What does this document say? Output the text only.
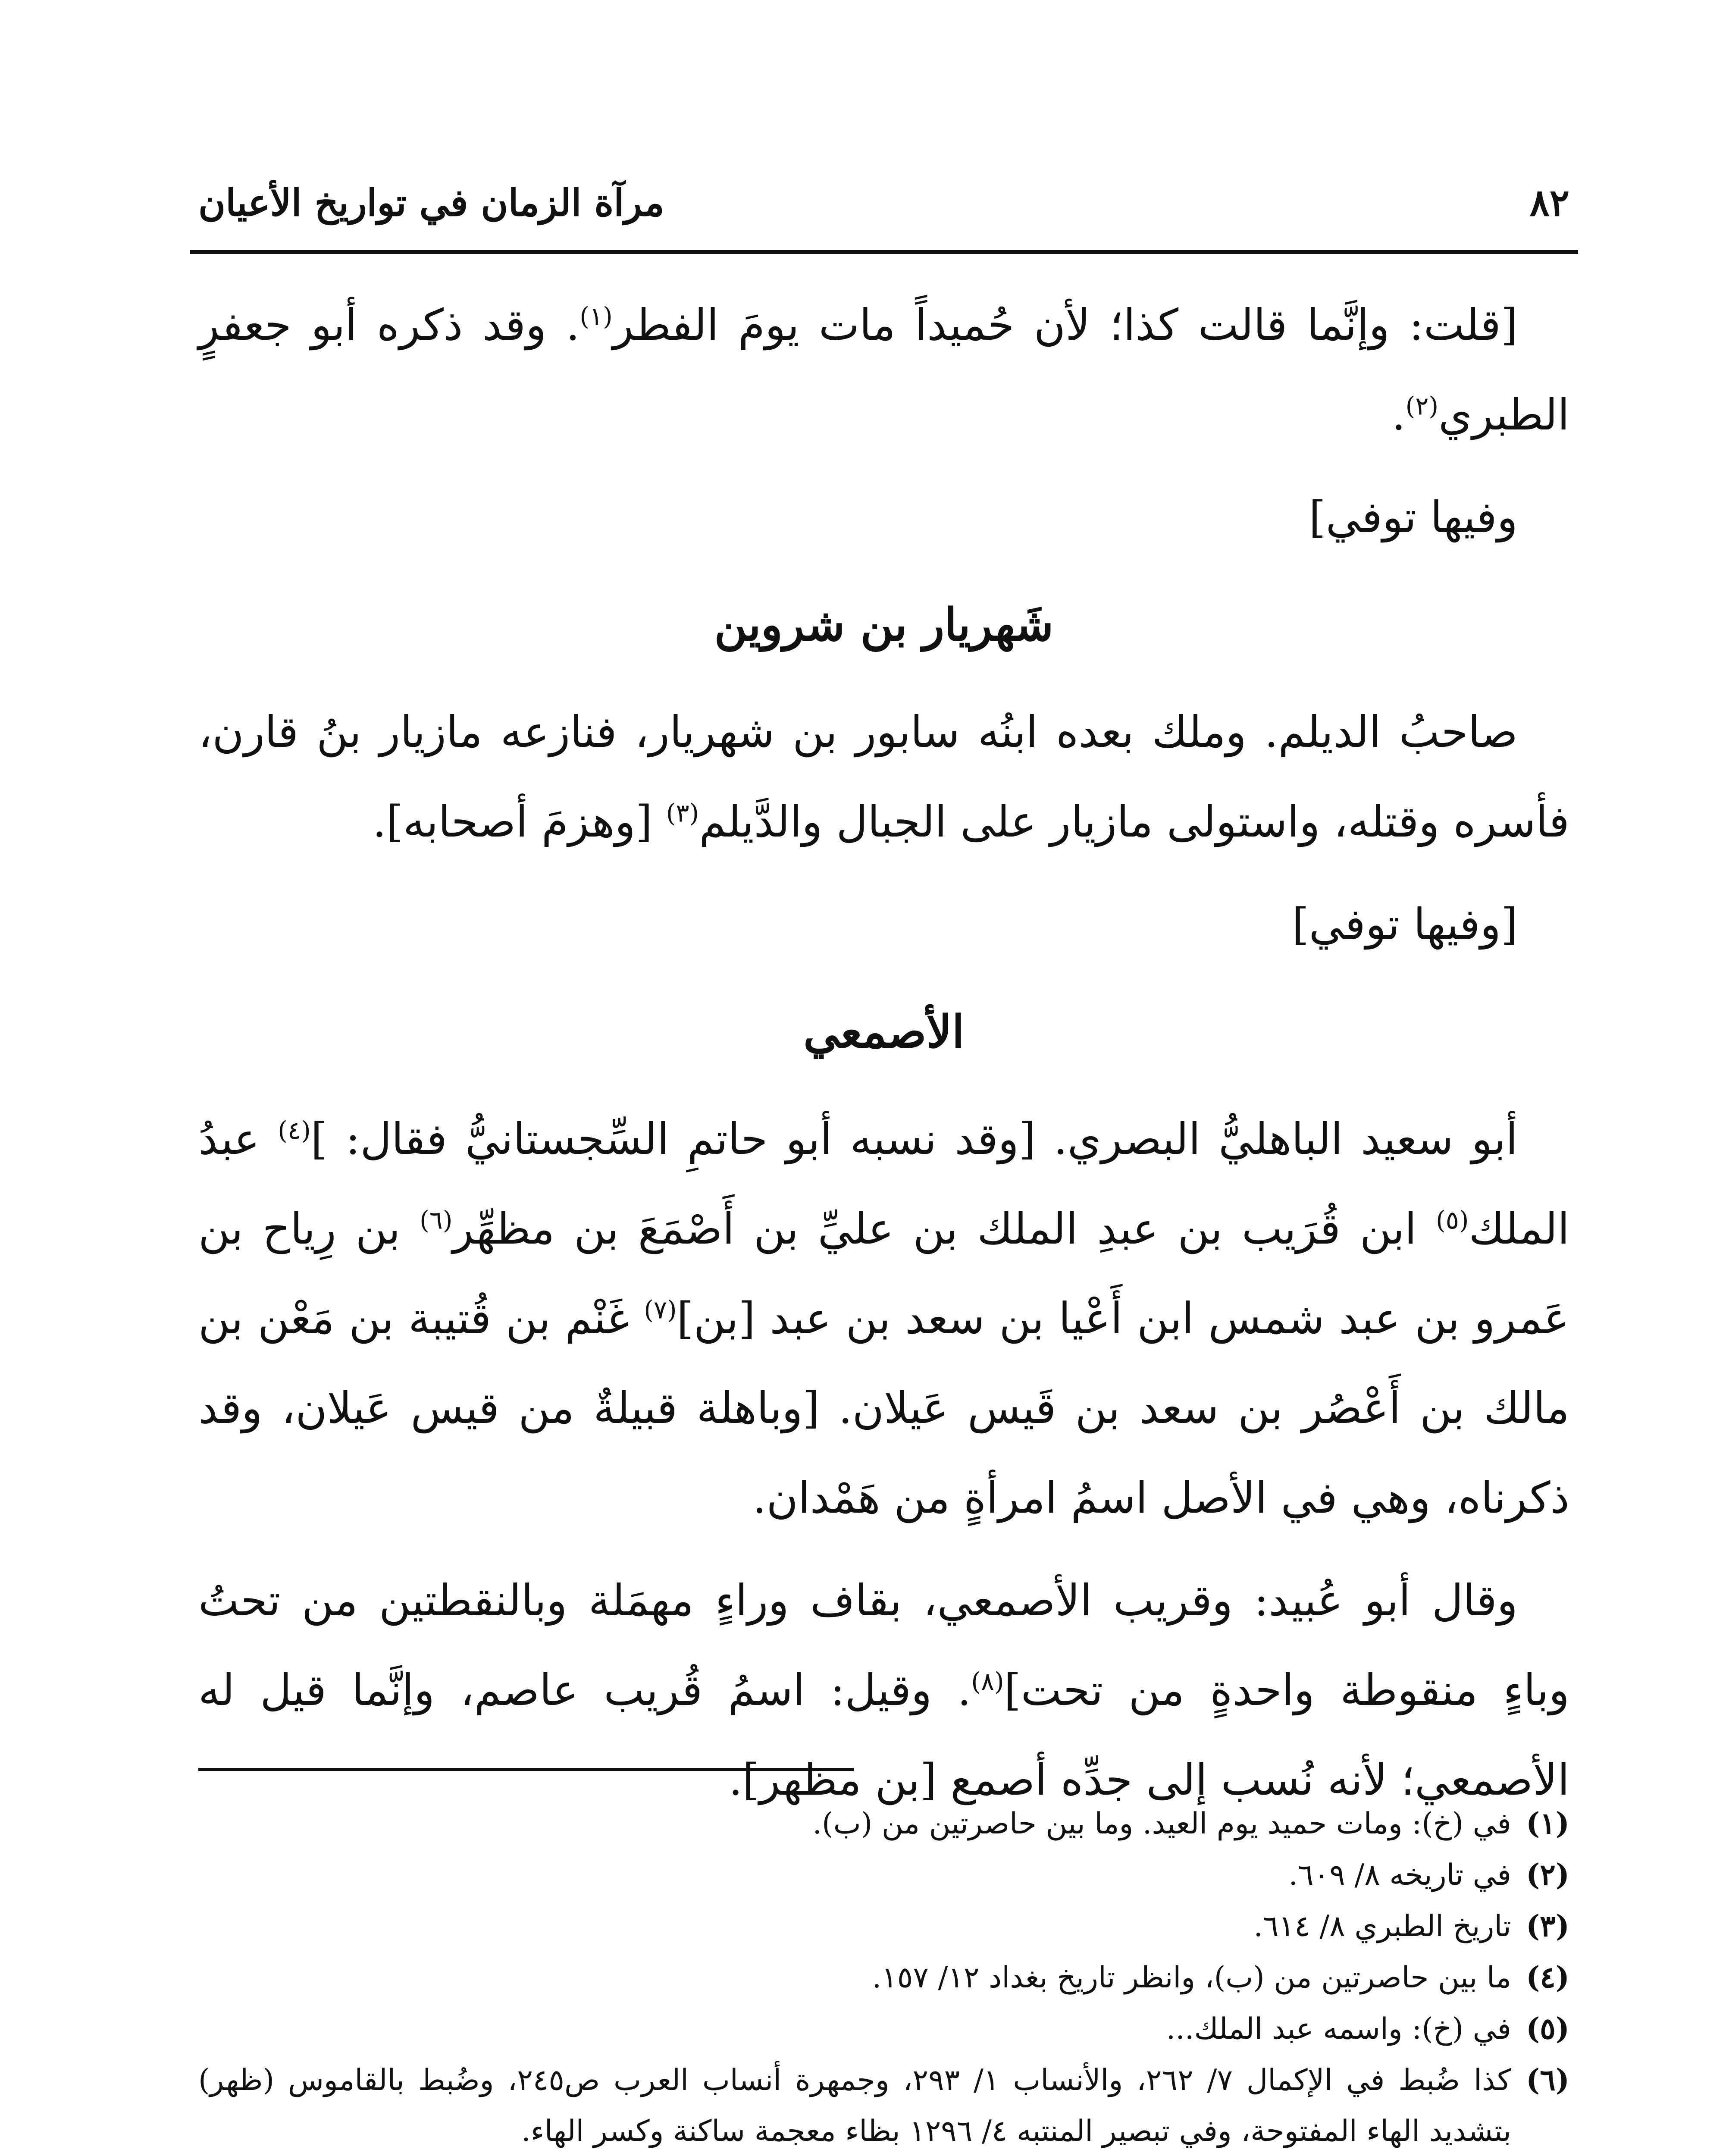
٨٢
مرآة الزمان في تواريخ الأعيان

[قلت: وإنَّما قالت كذا؛ لأن حُميداً مات يومَ الفطر$^{(١)}$. وقد ذكره أبو جعفرٍ الطبري$^{(٢)}$.

وفيها توفي]

شَهريار بن شروين

صاحبُ الديلم. وملك بعده ابنُه سابور بن شهريار، فنازعه مازيار بنُ قارن، فأسره وقتله، واستولى مازيار على الجبال والدَّيلم$^{(٣)}$ [وهزمَ أصحابه].

[وفيها توفي]

الأصمعي

أبو سعيد الباهليُّ البصري. [وقد نسبه أبو حاتمِ السِّجستانيُّ فقال: ]$^{(٤)}$ عبدُ الملك$^{(٥)}$ ابن قُرَيب بن عبدِ الملك بن عليِّ بن أَصْمَعَ بن مظهِّر$^{(٦)}$ بن رِياح بن عَمرو بن عبد شمس ابن أَعْيا بن سعد بن عبد [بن]$^{(٧)}$ غَنْم بن قُتيبة بن مَعْن بن مالك بن أَعْصُر بن سعد بن قَيس عَيلان. [وباهلة قبيلةٌ من قيس عَيلان، وقد ذكرناه، وهي في الأصل اسمُ امرأةٍ من هَمْدان.

وقال أبو عُبيد: وقريب الأصمعي، بقاف وراءٍ مهمَلة وبالنقطتين من تحتُ وباءٍ منقوطة واحدةٍ من تحت]$^{(٨)}$. وقيل: اسمُ قُريب عاصم، وإنَّما قيل له الأصمعي؛ لأنه نُسب إلى جدِّه أصمع [بن مظهر].

(١)في (خ): ومات حميد يوم العيد. وما بين حاصرتين من (ب).

(٢)في تاريخه ٨/ ٦٠٩.

(٣)تاريخ الطبري ٨/ ٦١٤.

(٤)ما بين حاصرتين من (ب)، وانظر تاريخ بغداد ١٢/ ١٥٧.

(٥)في (خ): واسمه عبد الملك...

(٦)كذا ضُبط في الإكمال ٧/ ٢٦٢، والأنساب ١/ ٢٩٣، وجمهرة أنساب العرب ص٢٤٥، وضُبط بالقاموس (ظهر) بتشديد الهاء المفتوحة، وفي تبصير المنتبه ٤/ ١٢٩٦ بظاء معجمة ساكنة وكسر الهاء.
